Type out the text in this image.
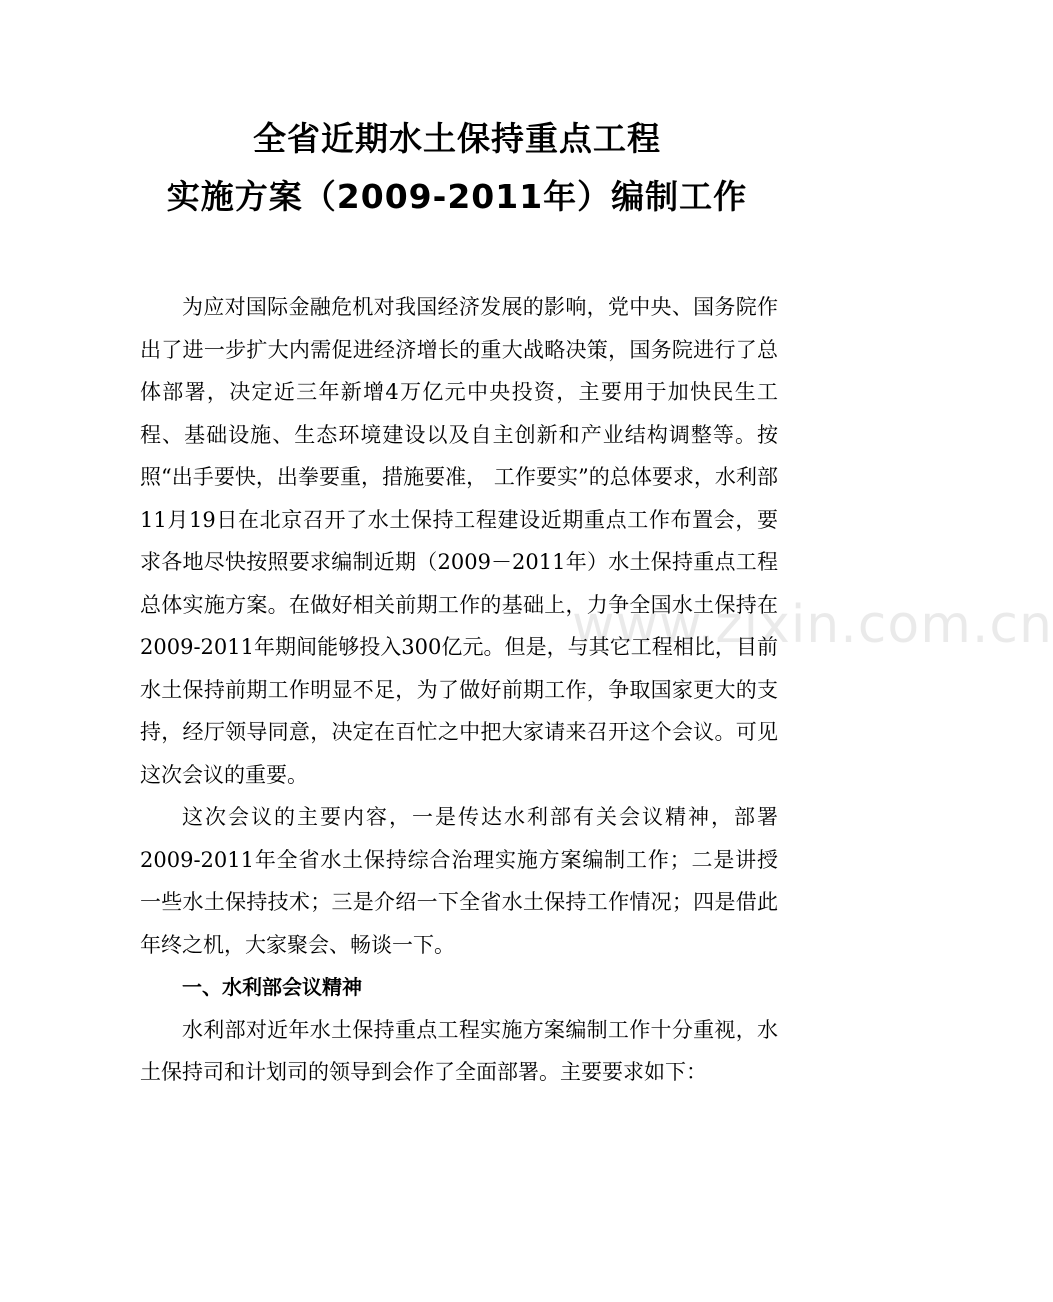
全省近期水土保持重点工程

实施方案（2009-2011年）编制工作

为应对国际金融危机对我国经济发展的影响，党中央、国务院作出了进一步扩大内需促进经济增长的重大战略决策，国务院进行了总体部署，决定近三年新增4万亿元中央投资，主要用于加快民生工程、基础设施、生态环境建设以及自主创新和产业结构调整等。按照“出手要快，出拳要重，措施要准， 工作要实”的总体要求，水利部11月19日在北京召开了水土保持工程建设近期重点工作布置会，要求各地尽快按照要求编制近期（2009－2011年）水土保持重点工程总体实施方案。在做好相关前期工作的基础上，力争全国水土保持在2009-2011年期间能够投入300亿元。但是，与其它工程相比，目前水土保持前期工作明显不足，为了做好前期工作，争取国家更大的支持，经厅领导同意，决定在百忙之中把大家请来召开这个会议。可见这次会议的重要。

这次会议的主要内容，一是传达水利部有关会议精神，部署2009-2011年全省水土保持综合治理实施方案编制工作；二是讲授一些水土保持技术；三是介绍一下全省水土保持工作情况；四是借此年终之机，大家聚会、畅谈一下。

一、水利部会议精神

水利部对近年水土保持重点工程实施方案编制工作十分重视，水土保持司和计划司的领导到会作了全面部署。主要要求如下：

www.zixin.com.cn
